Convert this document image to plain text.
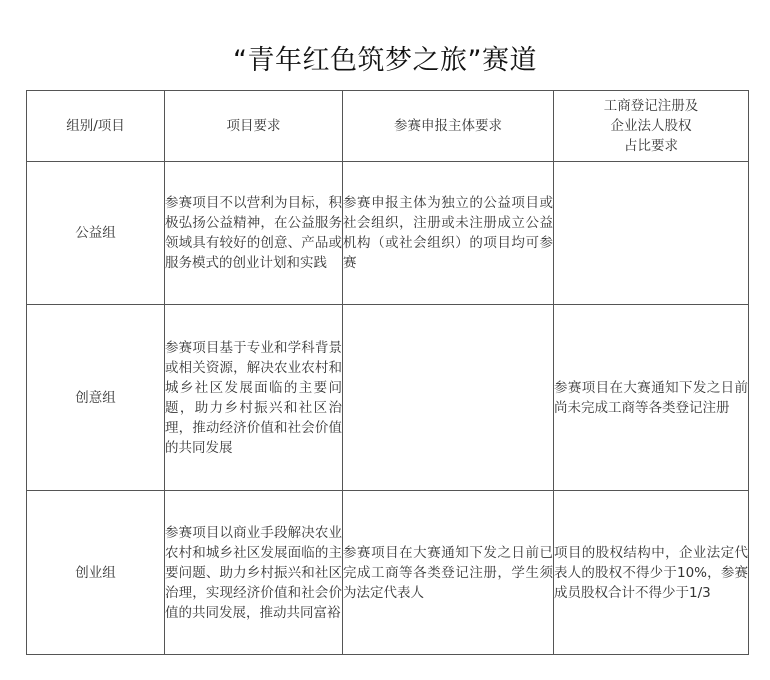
“青年红色筑梦之旅”赛道
组别/项目	项目要求	参赛申报主体要求	工商登记注册及
企业法人股权
占比要求
公益组	参赛项目不以营利为目标，积极弘扬公益精神，在公益服务领域具有较好的创意、产品或服务模式的创业计划和实践	参赛申报主体为独立的公益项目或社会组织，注册或未注册成立公益机构（或社会组织）的项目均可参赛	
创意组	参赛项目基于专业和学科背景或相关资源，解决农业农村和城乡社区发展面临的主要问题，助力乡村振兴和社区治理，推动经济价值和社会价值的共同发展		参赛项目在大赛通知下发之日前尚未完成工商等各类登记注册
创业组	参赛项目以商业手段解决农业农村和城乡社区发展面临的主要问题、助力乡村振兴和社区治理，实现经济价值和社会价值的共同发展，推动共同富裕	参赛项目在大赛通知下发之日前已完成工商等各类登记注册，学生须为法定代表人	项目的股权结构中，企业法定代表人的股权不得少于10%，参赛成员股权合计不得少于1/3
